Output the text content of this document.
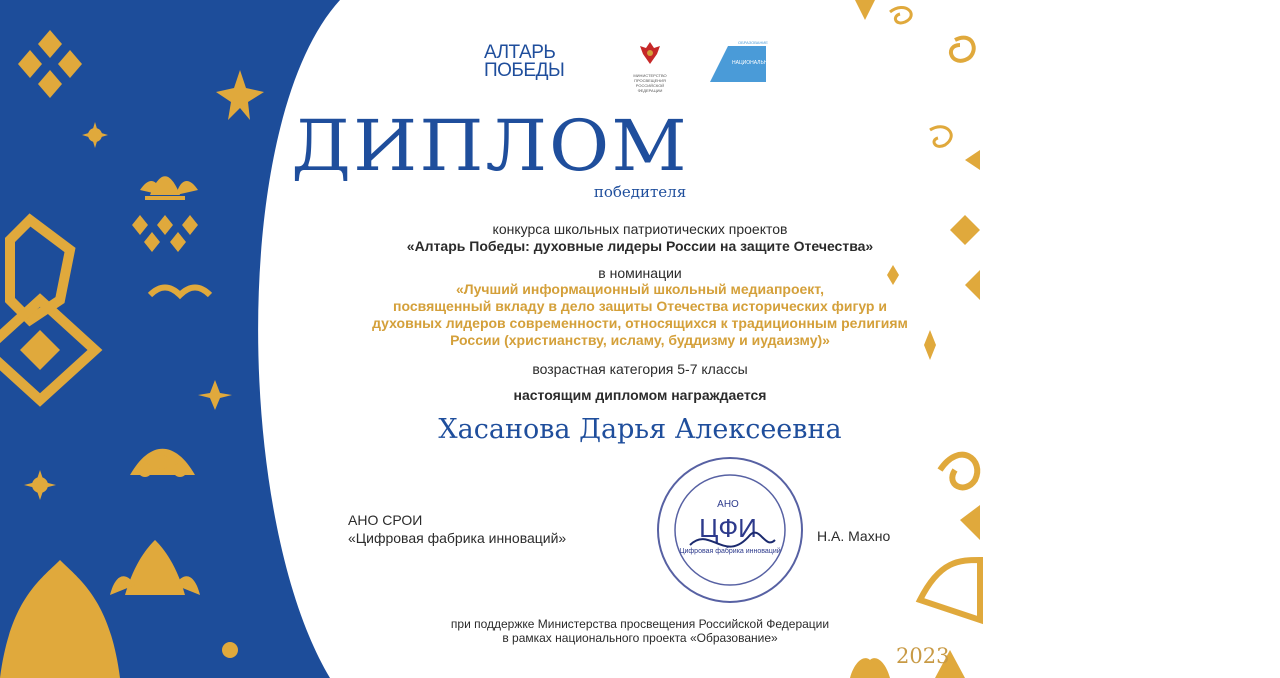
АЛТАРЬ
ПОБЕДЫ	МИНИСТЕРСТВО ПРОСВЕЩЕНИЯ РОССИЙСКОЙ ФЕДЕРАЦИИ
ОБРАЗОВАНИЕ
НАЦИОНАЛЬНЫЕ ПРОЕКТЫ РОССИИ
ДИПЛОМ
победителя
конкурса школьных патриотических проектов
«Алтарь Победы: духовные лидеры России на защите Отечества»
в номинации
«Лучший информационный школьный медиапроект,
посвященный вкладу в дело защиты Отечества исторических фигур и
духовных лидеров современности, относящихся к традиционным религиям
России (христианству, исламу, буддизму и иудаизму)»
возрастная категория 5-7 классы
настоящим дипломом награждается
Хасанова Дарья Алексеевна
АНО СРОИ
«Цифровая фабрика инноваций»
АНО
ЦФИ
Цифровая фабрика инноваций
Н.А. Махно
при поддержке Министерства просвещения Российской Федерации
в рамках национального проекта «Образование»
2023
